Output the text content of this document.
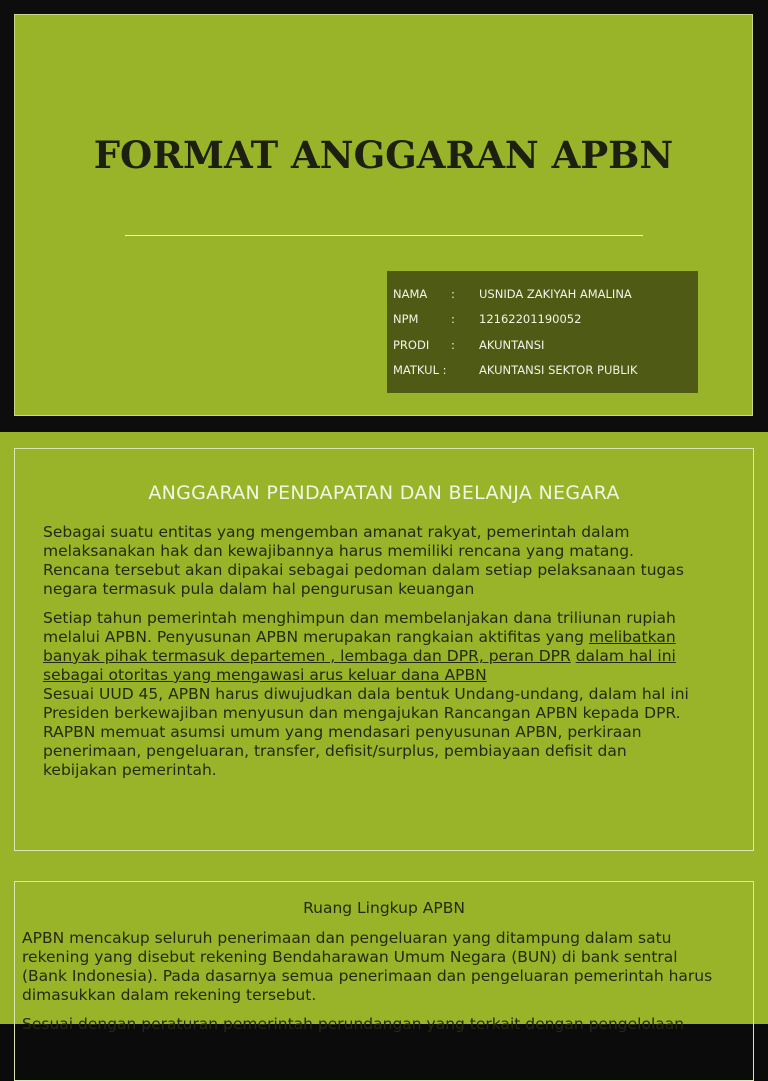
FORMAT ANGGARAN APBN
NAMA	:	USNIDA ZAKIYAH AMALINA
NPM	:	12162201190052
PRODI	:	AKUNTANSI
MATKUL :	AKUNTANSI SEKTOR PUBLIK
ANGGARAN PENDAPATAN DAN BELANJA NEGARA

Sebagai suatu entitas yang mengemban amanat rakyat, pemerintah dalam melaksanakan hak dan kewajibannya harus memiliki rencana yang matang. Rencana tersebut akan dipakai sebagai pedoman dalam setiap pelaksanaan tugas negara termasuk pula dalam hal pengurusan keuangan

Setiap tahun pemerintah menghimpun dan membelanjakan dana triliunan rupiah melalui APBN. Penyusunan APBN merupakan rangkaian aktifitas yang melibatkan banyak pihak termasuk departemen , lembaga dan DPR, peran DPR dalam hal ini sebagai otoritas yang mengawasi arus keluar dana APBN
Sesuai UUD 45, APBN harus diwujudkan dala bentuk Undang-undang, dalam hal ini Presiden berkewajiban menyusun dan mengajukan Rancangan APBN kepada DPR. RAPBN memuat asumsi umum yang mendasari penyusunan APBN, perkiraan penerimaan, pengeluaran, transfer, defisit/surplus, pembiayaan defisit dan kebijakan pemerintah.

Ruang Lingkup APBN

APBN mencakup seluruh penerimaan dan pengeluaran yang ditampung dalam satu rekening yang disebut rekening Bendaharawan Umum Negara (BUN) di bank sentral (Bank Indonesia). Pada dasarnya semua penerimaan dan pengeluaran pemerintah harus dimasukkan dalam rekening tersebut.

Sesuai dengan peraturan pemerintah perundangan yang terkait dengan pengelolaan
